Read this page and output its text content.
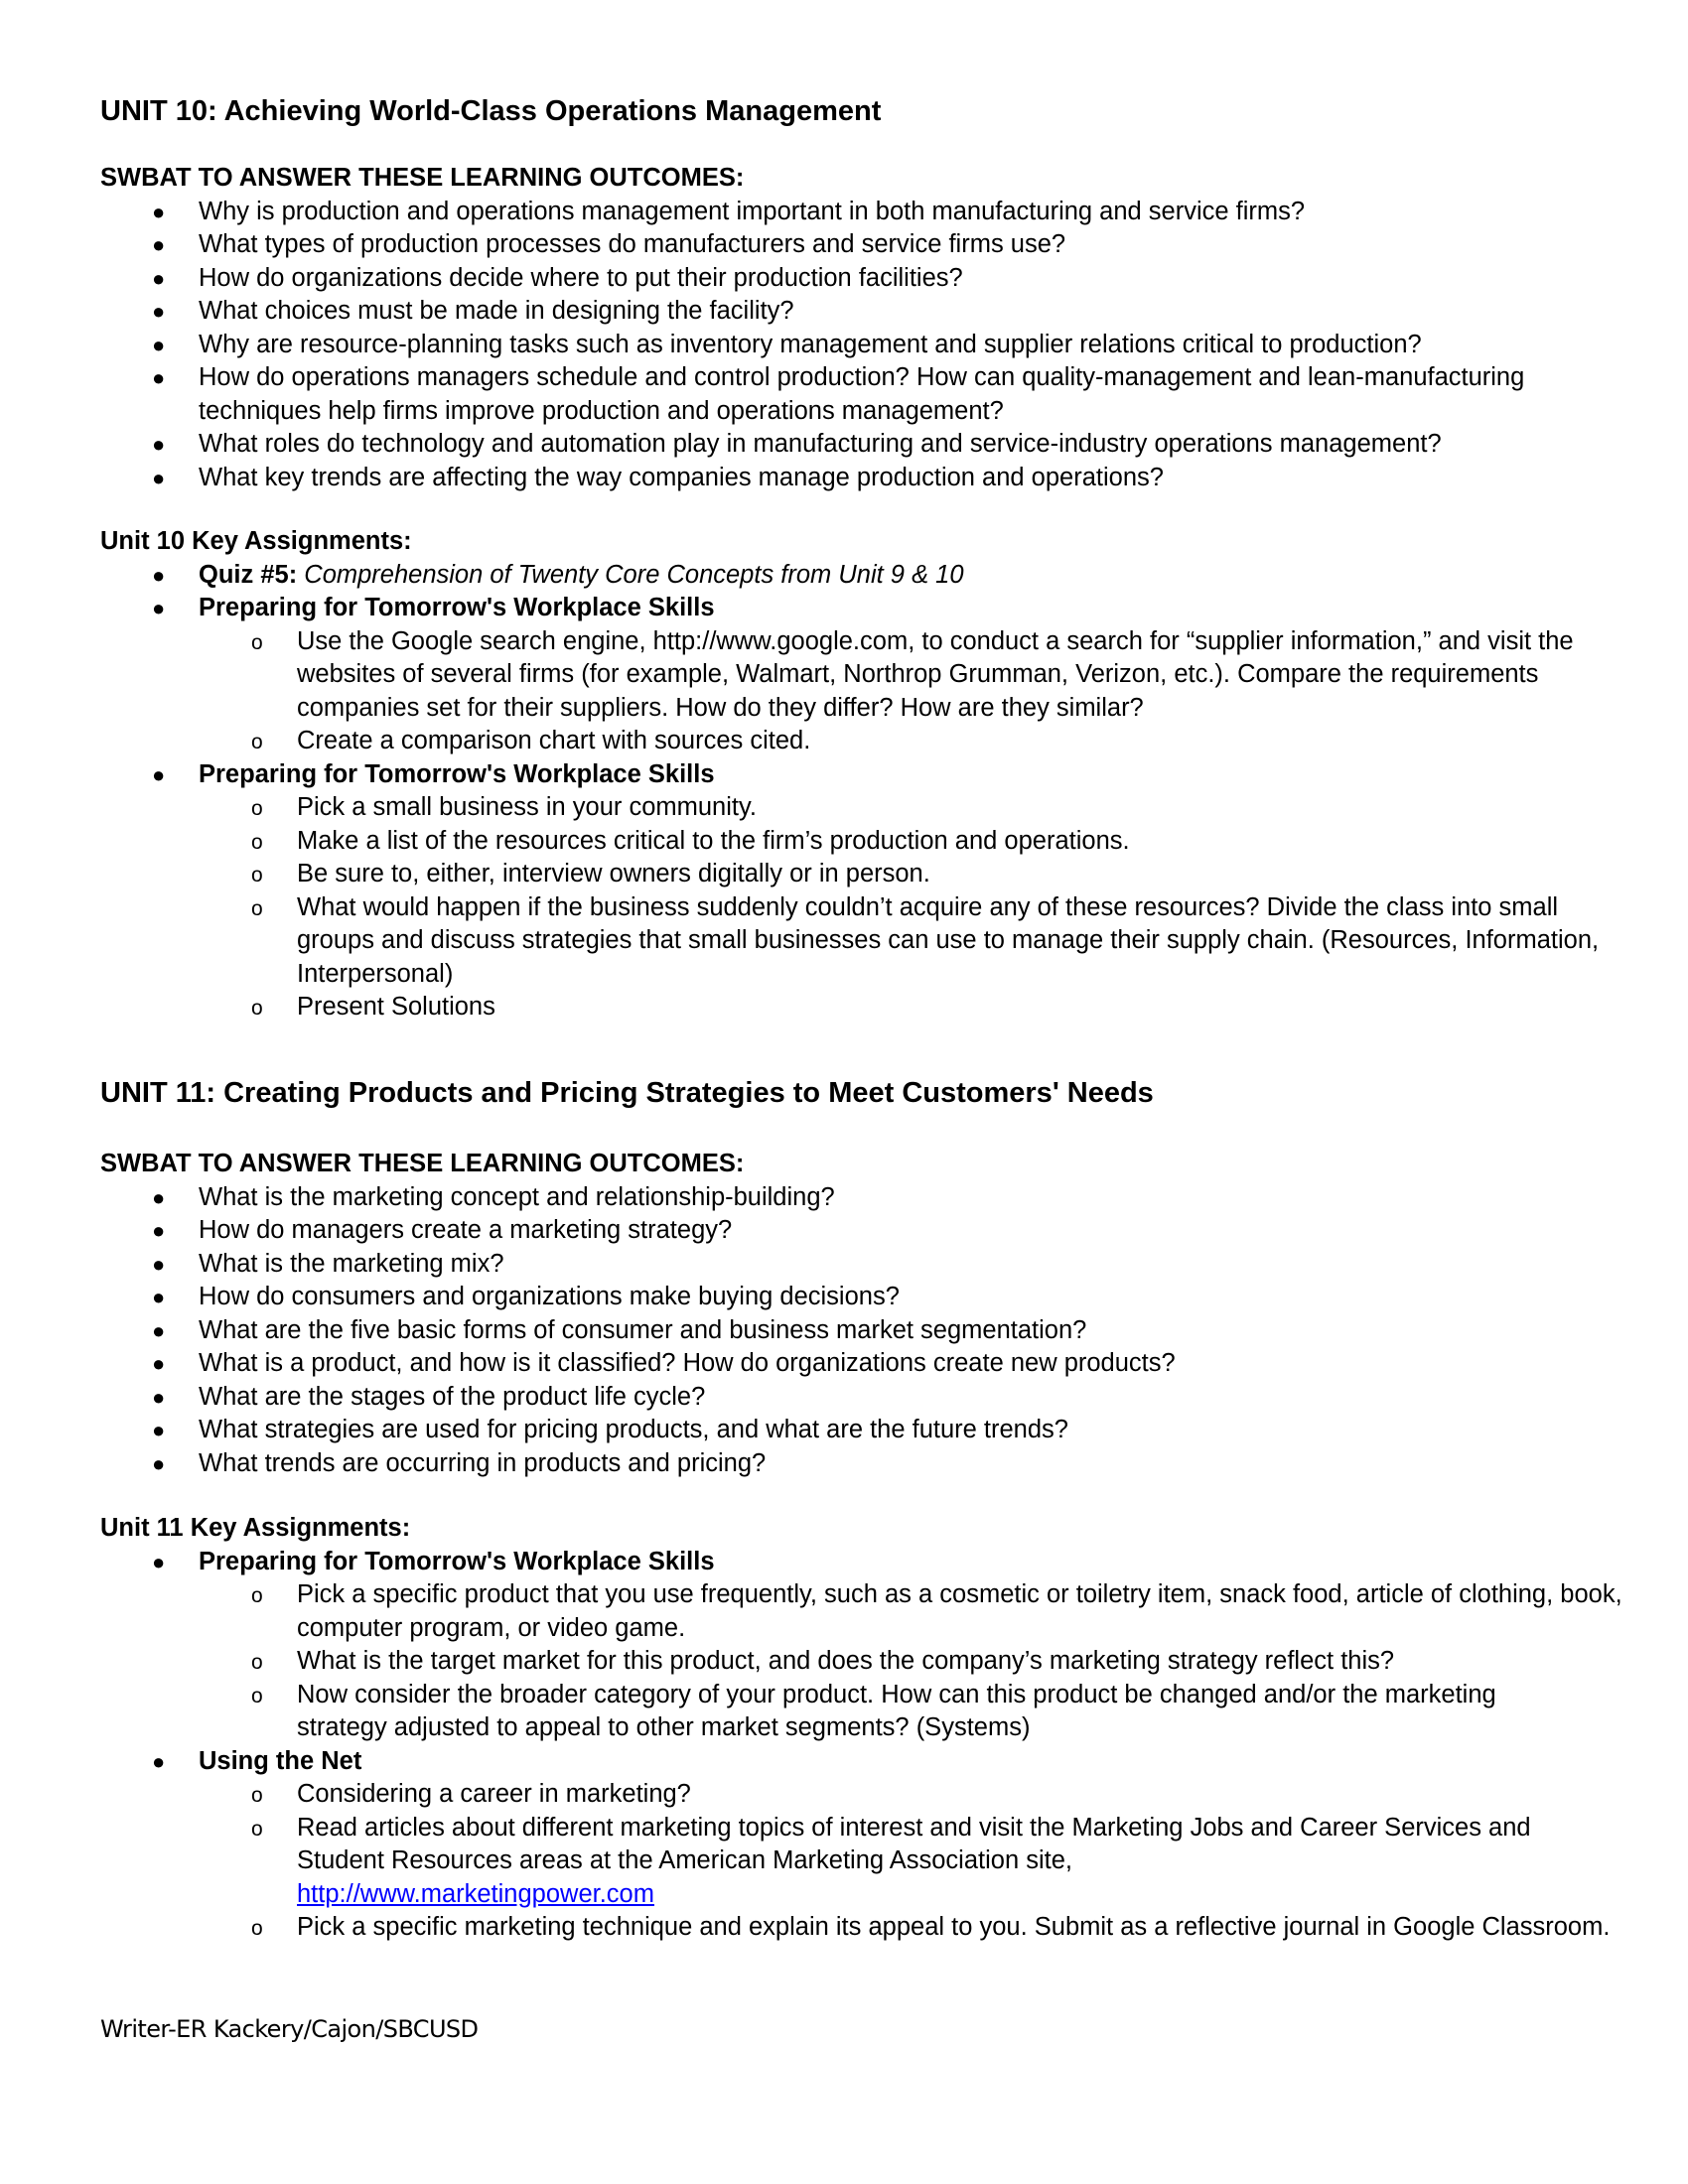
UNIT 10: Achieving World-Class Operations Management
SWBAT TO ANSWER THESE LEARNING OUTCOMES:
● Why is production and operations management important in both manufacturing and service firms?
● What types of production processes do manufacturers and service firms use?
● How do organizations decide where to put their production facilities?
● What choices must be made in designing the facility?
● Why are resource-planning tasks such as inventory management and supplier relations critical to production?
● How do operations managers schedule and control production? How can quality-management and lean-manufacturing techniques help firms improve production and operations management?
● What roles do technology and automation play in manufacturing and service-industry operations management?
● What key trends are affecting the way companies manage production and operations?
Unit 10 Key Assignments:
● Quiz #5: Comprehension of Twenty Core Concepts from Unit 9 & 10
● Preparing for Tomorrow's Workplace Skills
o Use the Google search engine, http://www.google.com, to conduct a search for “supplier information,” and visit the websites of several firms (for example, Walmart, Northrop Grumman, Verizon, etc.). Compare the requirements companies set for their suppliers. How do they differ? How are they similar?
o Create a comparison chart with sources cited.
● Preparing for Tomorrow's Workplace Skills
o Pick a small business in your community.
o Make a list of the resources critical to the firm’s production and operations.
o Be sure to, either, interview owners digitally or in person.
o What would happen if the business suddenly couldn’t acquire any of these resources? Divide the class into small groups and discuss strategies that small businesses can use to manage their supply chain. (Resources, Information, Interpersonal)
o Present Solutions
UNIT 11: Creating Products and Pricing Strategies to Meet Customers' Needs
SWBAT TO ANSWER THESE LEARNING OUTCOMES:
● What is the marketing concept and relationship-building?
● How do managers create a marketing strategy?
● What is the marketing mix?
● How do consumers and organizations make buying decisions?
● What are the five basic forms of consumer and business market segmentation?
● What is a product, and how is it classified? How do organizations create new products?
● What are the stages of the product life cycle?
● What strategies are used for pricing products, and what are the future trends?
● What trends are occurring in products and pricing?
Unit 11 Key Assignments:
● Preparing for Tomorrow's Workplace Skills
o Pick a specific product that you use frequently, such as a cosmetic or toiletry item, snack food, article of clothing, book, computer program, or video game.
o What is the target market for this product, and does the company’s marketing strategy reflect this?
o Now consider the broader category of your product. How can this product be changed and/or the marketing strategy adjusted to appeal to other market segments? (Systems)
● Using the Net
o Considering a career in marketing?
o Read articles about different marketing topics of interest and visit the Marketing Jobs and Career Services and Student Resources areas at the American Marketing Association site,
http://www.marketingpower.com
o Pick a specific marketing technique and explain its appeal to you. Submit as a reflective journal in Google Classroom.
Writer-ER Kackery/Cajon/SBCUSD
